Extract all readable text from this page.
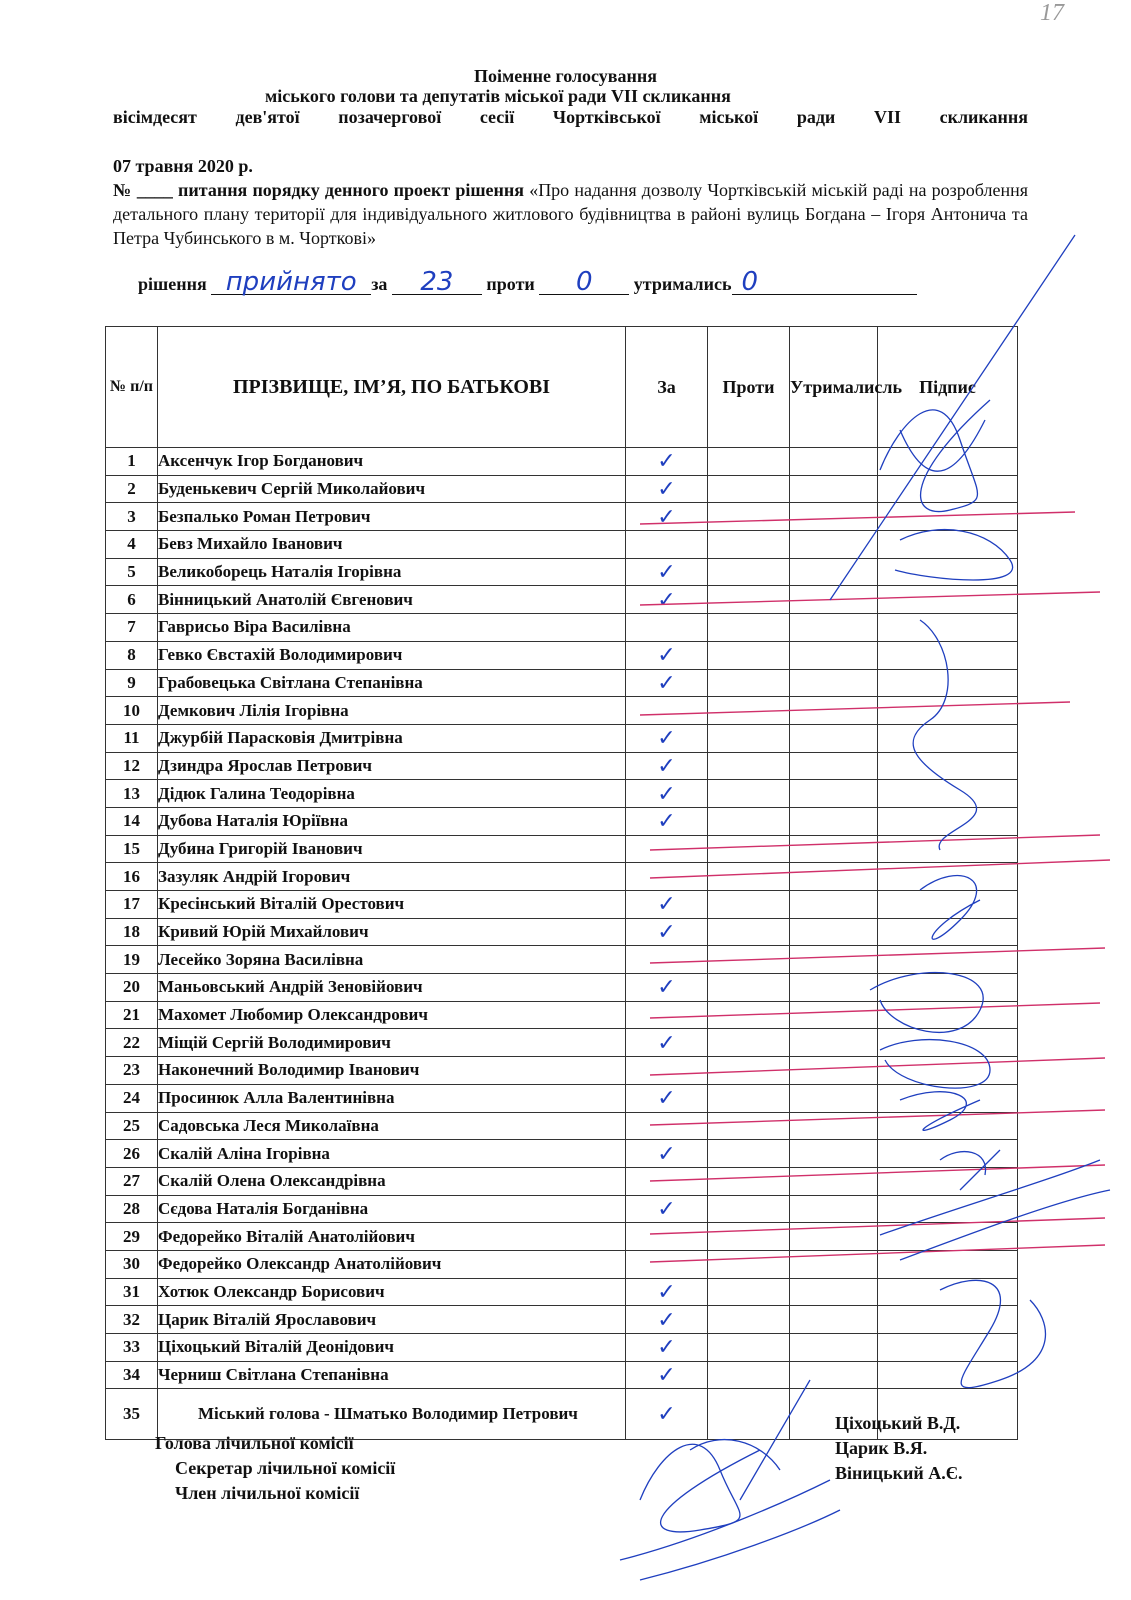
17
Поіменне голосування
міського голови та депутатів міської ради VII скликання
вісімдесят дев'ятої позачергової сесії Чортківської міської ради VII скликання
07 травня 2020 р.
№ ____ питання порядку денного проект рішення «Про надання дозволу Чортківській міській раді на розроблення детального плану території для індивідуального житлового будівництва в районі вулиць Богдана – Ігоря Антонича та Петра Чубинського в м. Чорткові»
рішення прийнято за	23	проти	0	утримались 0
№ п/п	ПРІЗВИЩЕ, ІМ’Я, ПО БАТЬКОВІ	За	Проти	Утрималисль	Підпис
1	Аксенчук Ігор Богданович	✓			
2	Буденькевич Сергій Миколайович	✓			
3	Безпалько Роман Петрович	✓			
4	Бевз Михайло Іванович				
5	Великоборець Наталія Ігорівна	✓			
6	Вінницький Анатолій Євгенович	✓			
7	Гаврисьо Віра Василівна				
8	Гевко Євстахій Володимирович	✓			
9	Грабовецька Світлана Степанівна	✓			
10	Демкович Лілія Ігорівна				
11	Джурбій Парасковія Дмитрівна	✓			
12	Дзиндра Ярослав Петрович	✓			
13	Дідюк Галина Теодорівна	✓			
14	Дубова Наталія Юріївна	✓			
15	Дубина Григорій Іванович				
16	Зазуляк Андрій Ігорович				
17	Кресінський Віталій Орестович	✓			
18	Кривий Юрій Михайлович	✓			
19	Лесейко Зоряна Василівна				
20	Маньовський Андрій Зеновійович	✓			
21	Махомет Любомир Олександрович				
22	Міщій Сергій Володимирович	✓			
23	Наконечний Володимир Іванович				
24	Просинюк Алла Валентинівна	✓			
25	Садовська Леся Миколаївна				
26	Скалій Аліна Ігорівна	✓			
27	Скалій Олена Олександрівна				
28	Сєдова Наталія Богданівна	✓			
29	Федорейко Віталій Анатолійович				
30	Федорейко Олександр Анатолійович				
31	Хотюк Олександр Борисович	✓			
32	Царик Віталій Ярославович	✓			
33	Ціхоцький Віталій Деонідович	✓			
34	Черниш Світлана Степанівна	✓			
35	Міський голова - Шматько Володимир Петрович	✓			
Голова лічильної комісії
Секретар лічильної комісії
Член лічильної комісії
Ціхоцький В.Д.
Царик В.Я.
Віницький А.Є.
